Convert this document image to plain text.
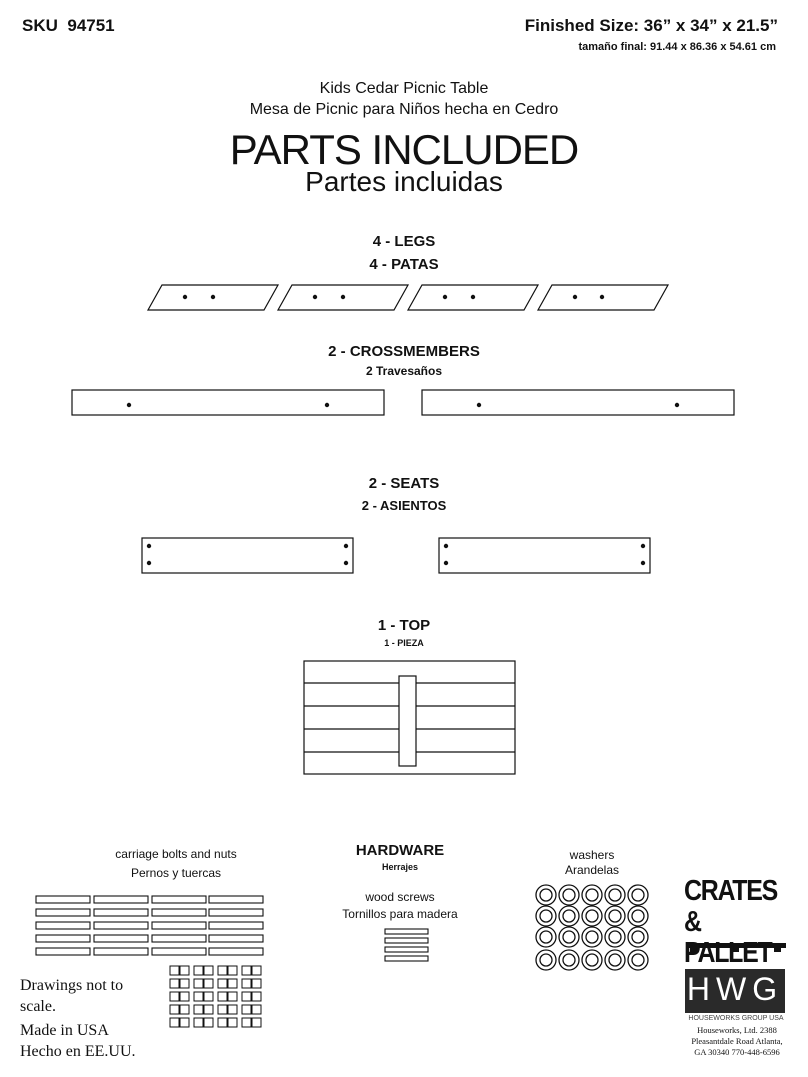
SKU 94751	Finished Size: 36” x 34” x 21.5”
tamaño final: 91.44 x 86.36 x 54.61 cm
Kids Cedar Picnic Table
Mesa de Picnic para Niños hecha en Cedro
PARTS INCLUDED
Partes incluidas
4 - LEGS
4 - PATAS
2 - CROSSMEMBERS
2 Travesaños
2 - SEATS
2 - ASIENTOS
1 - TOP
1 - PIEZA
HARDWARE
Herrajes
carriage bolts and nuts
Pernos y tuercas
wood screws
Tornillos para madera
washers
Arandelas
Drawings not to
scale.
Made in USA
Hecho en EE.UU.
CRATES &
PALLET
HWG
HOUSEWORKS GROUP USA
Houseworks, Ltd. 2388
Pleasantdale Road Atlanta,
GA 30340 770-448-6596
